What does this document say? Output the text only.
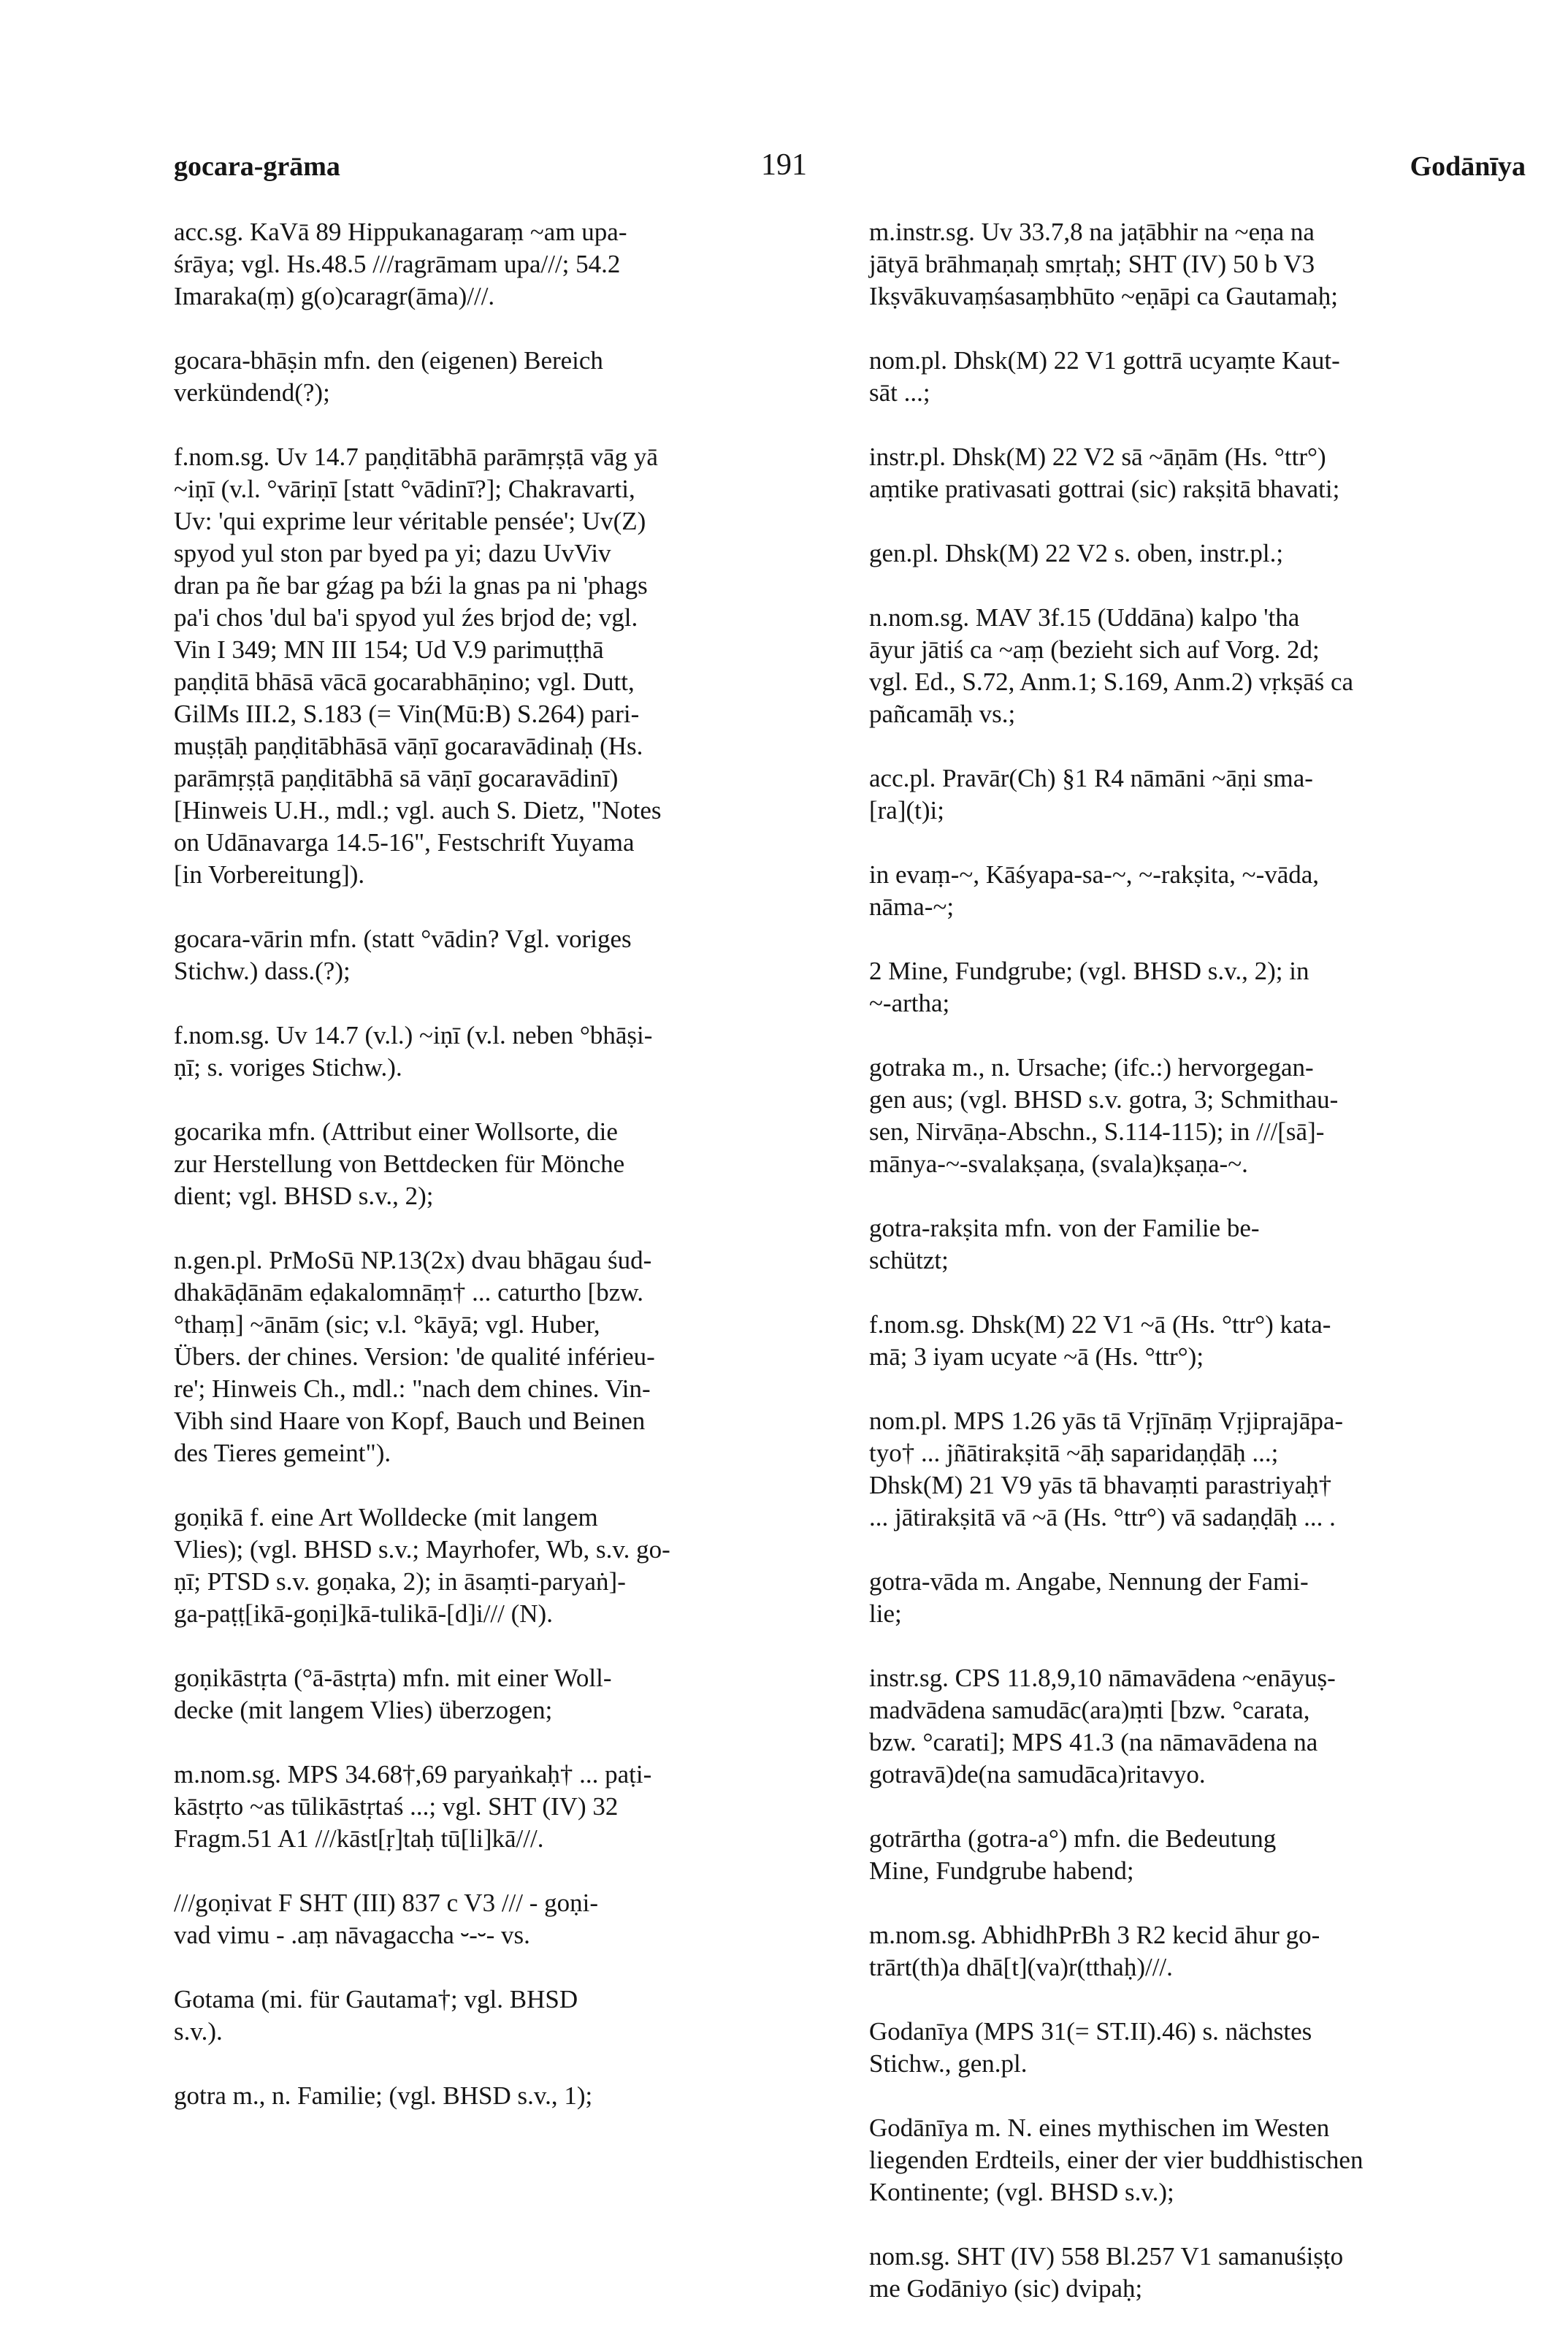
gocara-grāma	191	Godānīya

acc.sg. KaVā 89 Hippukanagaraṃ ~am upa-

śrāya; vgl. Hs.48.5 ///ragrāmam upa///; 54.2

Imaraka(ṃ) g(o)caragr(āma)///.

gocara-bhāṣin mfn. den (eigenen) Bereich

verkündend(?);

f.nom.sg. Uv 14.7 paṇḍitābhā parāmṛṣṭā vāg yā

~iṇī (v.l. °vāriṇī [statt °vādinī?]; Chakravarti,

Uv: 'qui exprime leur véritable pensée'; Uv(Z)

spyod yul ston par byed pa yi; dazu UvViv

dran pa ñe bar gźag pa bźi la gnas pa ni 'phags

pa'i chos 'dul ba'i spyod yul źes brjod de; vgl.

Vin I 349; MN III 154; Ud V.9 parimuṭṭhā

paṇḍitā bhāsā vācā gocarabhāṇino; vgl. Dutt,

GilMs III.2, S.183 (= Vin(Mū:B) S.264) pari-

muṣṭāḥ paṇḍitābhāsā vāṇī gocaravādinaḥ (Hs.

parāmṛṣṭā paṇḍitābhā sā vāṇī gocaravādinī)

[Hinweis U.H., mdl.; vgl. auch S. Dietz, "Notes

on Udānavarga 14.5-16", Festschrift Yuyama

[in Vorbereitung]).

gocara-vārin mfn. (statt °vādin? Vgl. voriges

Stichw.) dass.(?);

f.nom.sg. Uv 14.7 (v.l.) ~iṇī (v.l. neben °bhāṣi-

ṇī; s. voriges Stichw.).

gocarika mfn. (Attribut einer Wollsorte, die

zur Herstellung von Bettdecken für Mönche

dient; vgl. BHSD s.v., 2);

n.gen.pl. PrMoSū NP.13(2x) dvau bhāgau śud-

dhakāḍānām eḍakalomnāṃ† ... caturtho [bzw.

°thaṃ] ~ānām (sic; v.l. °kāyā; vgl. Huber,

Übers. der chines. Version: 'de qualité inférieu-

re'; Hinweis Ch., mdl.: "nach dem chines. Vin-

Vibh sind Haare von Kopf, Bauch und Beinen

des Tieres gemeint").

goṇikā f. eine Art Wolldecke (mit langem

Vlies); (vgl. BHSD s.v.; Mayrhofer, Wb, s.v. go-

ṇī; PTSD s.v. goṇaka, 2); in āsaṃti-paryaṅ]-

ga-paṭṭ[ikā-goṇi]kā-tulikā-[d]i/// (N).

goṇikāstṛta (°ā-āstṛta) mfn. mit einer Woll-

decke (mit langem Vlies) überzogen;

m.nom.sg. MPS 34.68†,69 paryaṅkaḥ† ... paṭi-

kāstṛto ~as tūlikāstṛtaś ...; vgl. SHT (IV) 32

Fragm.51 A1 ///kāst[ṛ]taḥ tū[li]kā///.

///goṇivat F SHT (III) 837 c V3 /// - goṇi-

vad vimu - .aṃ nāvagaccha ⏑-⏑- vs.

Gotama (mi. für Gautama†; vgl. BHSD

s.v.).

gotra m., n. Familie; (vgl. BHSD s.v., 1);

m.instr.sg. Uv 33.7,8 na jaṭābhir na ~eṇa na

jātyā brāhmaṇaḥ smṛtaḥ; SHT (IV) 50 b V3

Ikṣvākuvaṃśasaṃbhūto ~eṇāpi ca Gautamaḥ;

nom.pl. Dhsk(M) 22 V1 gottrā ucyaṃte Kaut-

sāt ...;

instr.pl. Dhsk(M) 22 V2 sā ~āṇām (Hs. °ttr°)

aṃtike prativasati gottrai (sic) rakṣitā bhavati;

gen.pl. Dhsk(M) 22 V2 s. oben, instr.pl.;

n.nom.sg. MAV 3f.15 (Uddāna) kalpo 'tha

āyur jātiś ca ~aṃ (bezieht sich auf Vorg. 2d;

vgl. Ed., S.72, Anm.1; S.169, Anm.2) vṛkṣāś ca

pañcamāḥ vs.;

acc.pl. Pravār(Ch) §1 R4 nāmāni ~āṇi sma-

[ra](t)i;

in evaṃ-~, Kāśyapa-sa-~, ~-rakṣita, ~-vāda,

nāma-~;

2 Mine, Fundgrube; (vgl. BHSD s.v., 2); in

~-artha;

gotraka m., n. Ursache; (ifc.:) hervorgegan-

gen aus; (vgl. BHSD s.v. gotra, 3; Schmithau-

sen, Nirvāṇa-Abschn., S.114-115); in ///[sā]-

mānya-~-svalakṣaṇa, (svala)kṣaṇa-~.

gotra-rakṣita mfn. von der Familie be-

schützt;

f.nom.sg. Dhsk(M) 22 V1 ~ā (Hs. °ttr°) kata-

mā; 3 iyam ucyate ~ā (Hs. °ttr°);

nom.pl. MPS 1.26 yās tā Vṛjīnāṃ Vṛjiprajāpa-

tyo† ... jñātirakṣitā ~āḥ saparidaṇḍāḥ ...;

Dhsk(M) 21 V9 yās tā bhavaṃti parastriyaḥ†

... jātirakṣitā vā ~ā (Hs. °ttr°) vā sadaṇḍāḥ ... .

gotra-vāda m. Angabe, Nennung der Fami-

lie;

instr.sg. CPS 11.8,9,10 nāmavādena ~enāyuṣ-

madvādena samudāc(ara)ṃti [bzw. °carata,

bzw. °carati]; MPS 41.3 (na nāmavādena na

gotravā)de(na samudāca)ritavyo.

gotrārtha (gotra-a°) mfn. die Bedeutung

Mine, Fundgrube habend;

m.nom.sg. AbhidhPrBh 3 R2 kecid āhur go-

trārt(th)a dhā[t](va)r(tthaḥ)///.

Godanīya (MPS 31(= ST.II).46) s. nächstes

Stichw., gen.pl.

Godānīya m. N. eines mythischen im Westen

liegenden Erdteils, einer der vier buddhistischen

Kontinente; (vgl. BHSD s.v.);

nom.sg. SHT (IV) 558 Bl.257 V1 samanuśiṣṭo

me Godāniyo (sic) dvipaḥ;
